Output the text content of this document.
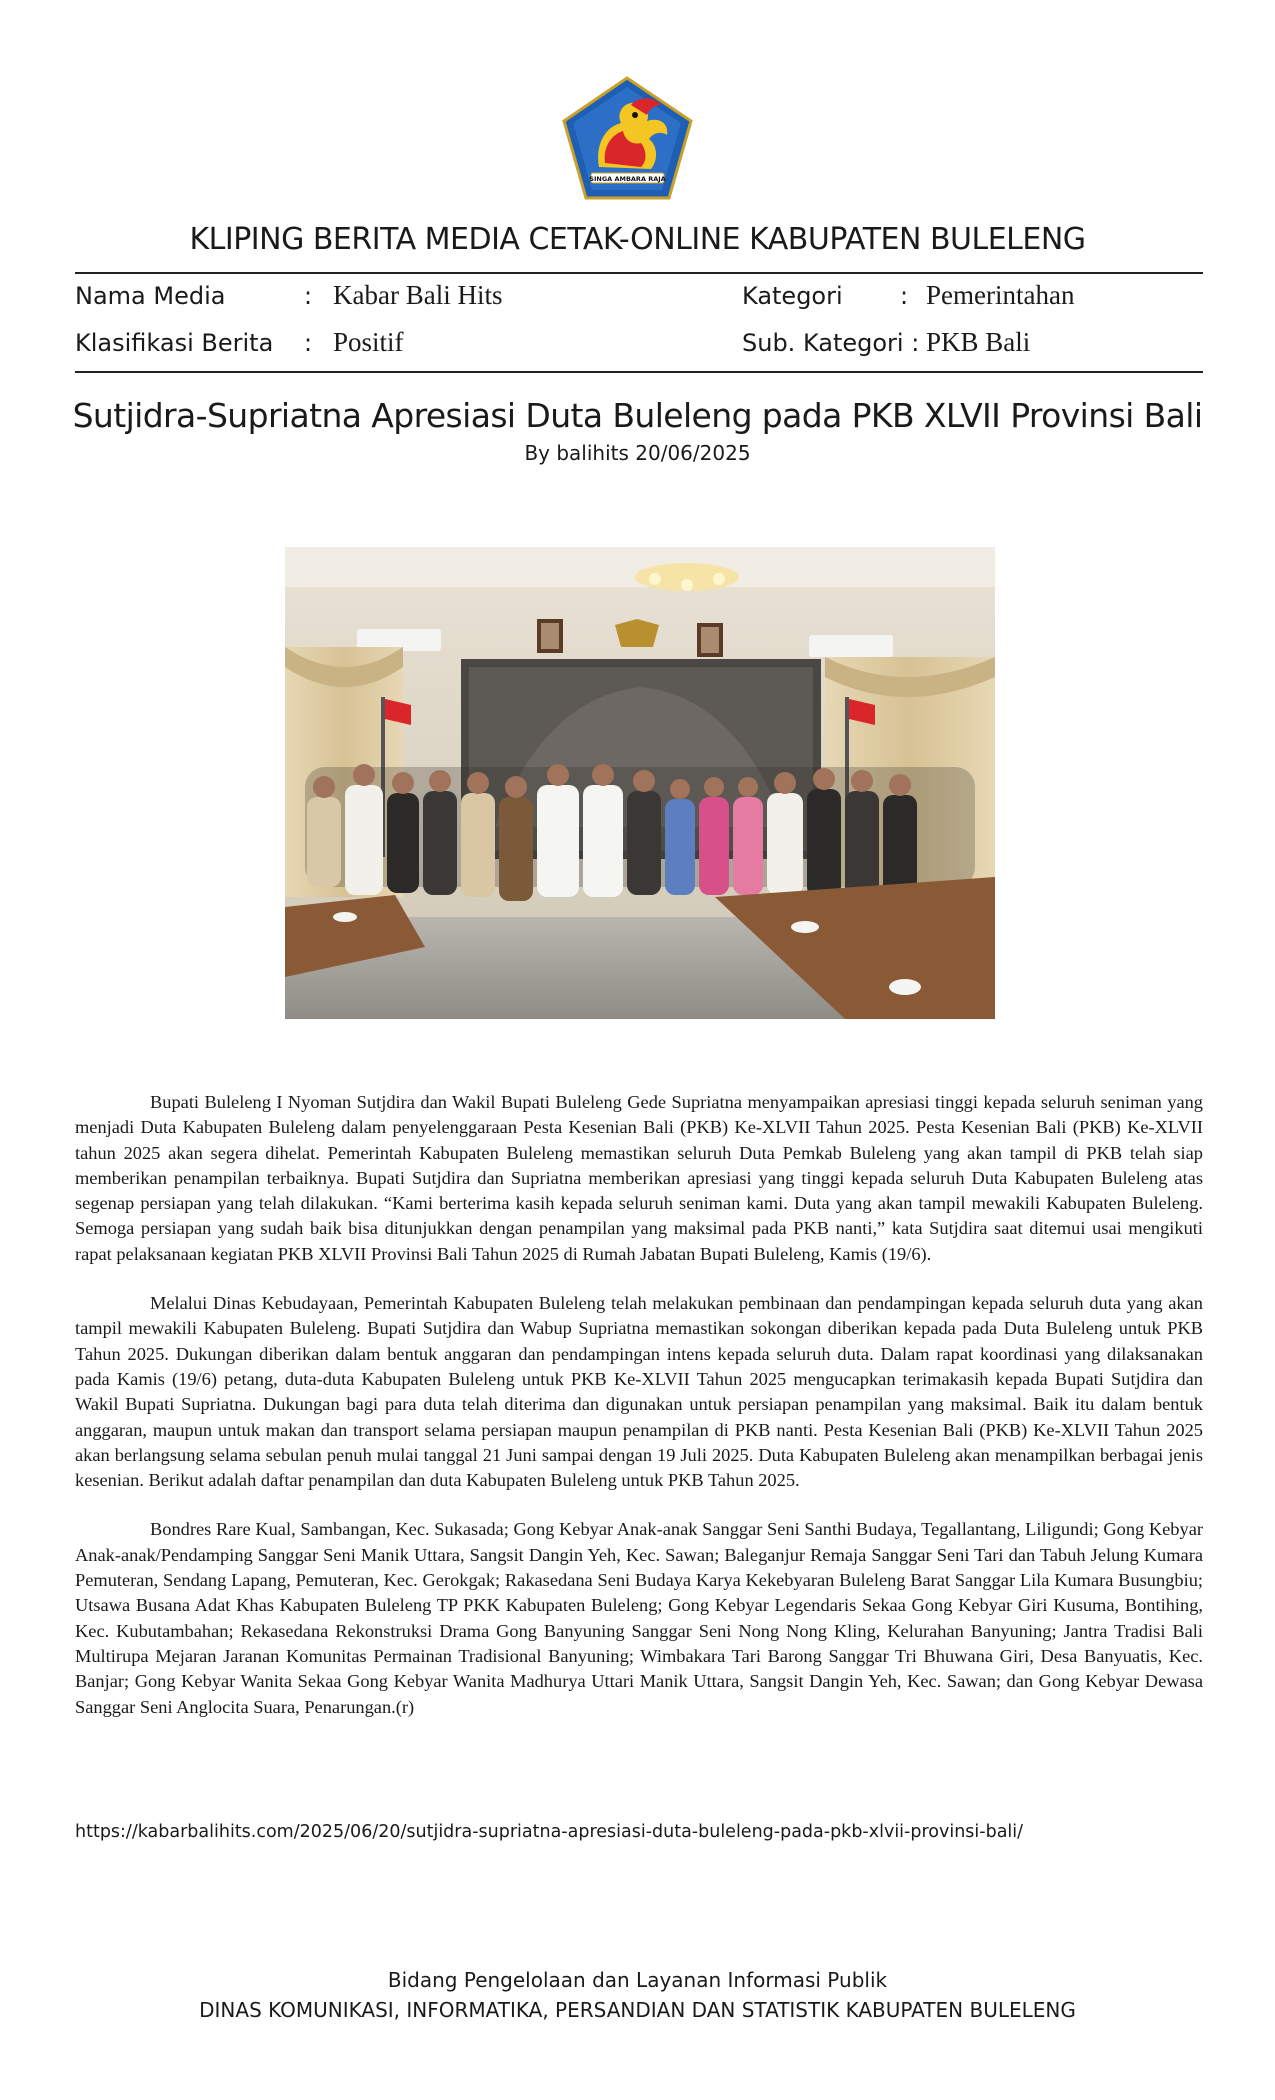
SINGA AMBARA RAJA
KLIPING BERITA MEDIA CETAK-ONLINE KABUPATEN BULELENG
Nama Media	: Kabar Bali Hits
Klasifikasi Berita : Positif
Kategori : Pemerintahan
Sub. Kategori : PKB Bali
Sutjidra-Supriatna Apresiasi Duta Buleleng pada PKB XLVII Provinsi Bali
By balihits 20/06/2025

Bupati Buleleng I Nyoman Sutjdira dan Wakil Bupati Buleleng Gede Supriatna menyampaikan apresiasi tinggi kepada seluruh seniman yang menjadi Duta Kabupaten Buleleng dalam penyelenggaraan Pesta Kesenian Bali (PKB) Ke-XLVII Tahun 2025. Pesta Kesenian Bali (PKB) Ke-XLVII tahun 2025 akan segera dihelat. Pemerintah Kabupaten Buleleng memastikan seluruh Duta Pemkab Buleleng yang akan tampil di PKB telah siap memberikan penampilan terbaiknya. Bupati Sutjdira dan Supriatna memberikan apresiasi yang tinggi kepada seluruh Duta Kabupaten Buleleng atas segenap persiapan yang telah dilakukan. “Kami berterima kasih kepada seluruh seniman kami. Duta yang akan tampil mewakili Kabupaten Buleleng. Semoga persiapan yang sudah baik bisa ditunjukkan dengan penampilan yang maksimal pada PKB nanti,” kata Sutjdira saat ditemui usai mengikuti rapat pelaksanaan kegiatan PKB XLVII Provinsi Bali Tahun 2025 di Rumah Jabatan Bupati Buleleng, Kamis (19/6).

Melalui Dinas Kebudayaan, Pemerintah Kabupaten Buleleng telah melakukan pembinaan dan pendampingan kepada seluruh duta yang akan tampil mewakili Kabupaten Buleleng. Bupati Sutjdira dan Wabup Supriatna memastikan sokongan diberikan kepada pada Duta Buleleng untuk PKB Tahun 2025. Dukungan diberikan dalam bentuk anggaran dan pendampingan intens kepada seluruh duta. Dalam rapat koordinasi yang dilaksanakan pada Kamis (19/6) petang, duta-duta Kabupaten Buleleng untuk PKB Ke-XLVII Tahun 2025 mengucapkan terimakasih kepada Bupati Sutjdira dan Wakil Bupati Supriatna. Dukungan bagi para duta telah diterima dan digunakan untuk persiapan penampilan yang maksimal. Baik itu dalam bentuk anggaran, maupun untuk makan dan transport selama persiapan maupun penampilan di PKB nanti. Pesta Kesenian Bali (PKB) Ke-XLVII Tahun 2025 akan berlangsung selama sebulan penuh mulai tanggal 21 Juni sampai dengan 19 Juli 2025. Duta Kabupaten Buleleng akan menampilkan berbagai jenis kesenian. Berikut adalah daftar penampilan dan duta Kabupaten Buleleng untuk PKB Tahun 2025.

Bondres Rare Kual, Sambangan, Kec. Sukasada; Gong Kebyar Anak-anak Sanggar Seni Santhi Budaya, Tegallantang, Liligundi; Gong Kebyar Anak-anak/Pendamping Sanggar Seni Manik Uttara, Sangsit Dangin Yeh, Kec. Sawan; Baleganjur Remaja Sanggar Seni Tari dan Tabuh Jelung Kumara Pemuteran, Sendang Lapang, Pemuteran, Kec. Gerokgak; Rakasedana Seni Budaya Karya Kekebyaran Buleleng Barat Sanggar Lila Kumara Busungbiu; Utsawa Busana Adat Khas Kabupaten Buleleng TP PKK Kabupaten Buleleng; Gong Kebyar Legendaris Sekaa Gong Kebyar Giri Kusuma, Bontihing, Kec. Kubutambahan; Rekasedana Rekonstruksi Drama Gong Banyuning Sanggar Seni Nong Nong Kling, Kelurahan Banyuning; Jantra Tradisi Bali Multirupa Mejaran Jaranan Komunitas Permainan Tradisional Banyuning; Wimbakara Tari Barong Sanggar Tri Bhuwana Giri, Desa Banyuatis, Kec. Banjar; Gong Kebyar Wanita Sekaa Gong Kebyar Wanita Madhurya Uttari Manik Uttara, Sangsit Dangin Yeh, Kec. Sawan; dan Gong Kebyar Dewasa Sanggar Seni Anglocita Suara, Penarungan.(r)

https://kabarbalihits.com/2025/06/20/sutjidra-supriatna-apresiasi-duta-buleleng-pada-pkb-xlvii-provinsi-bali/
Bidang Pengelolaan dan Layanan Informasi Publik
DINAS KOMUNIKASI, INFORMATIKA, PERSANDIAN DAN STATISTIK KABUPATEN BULELENG
